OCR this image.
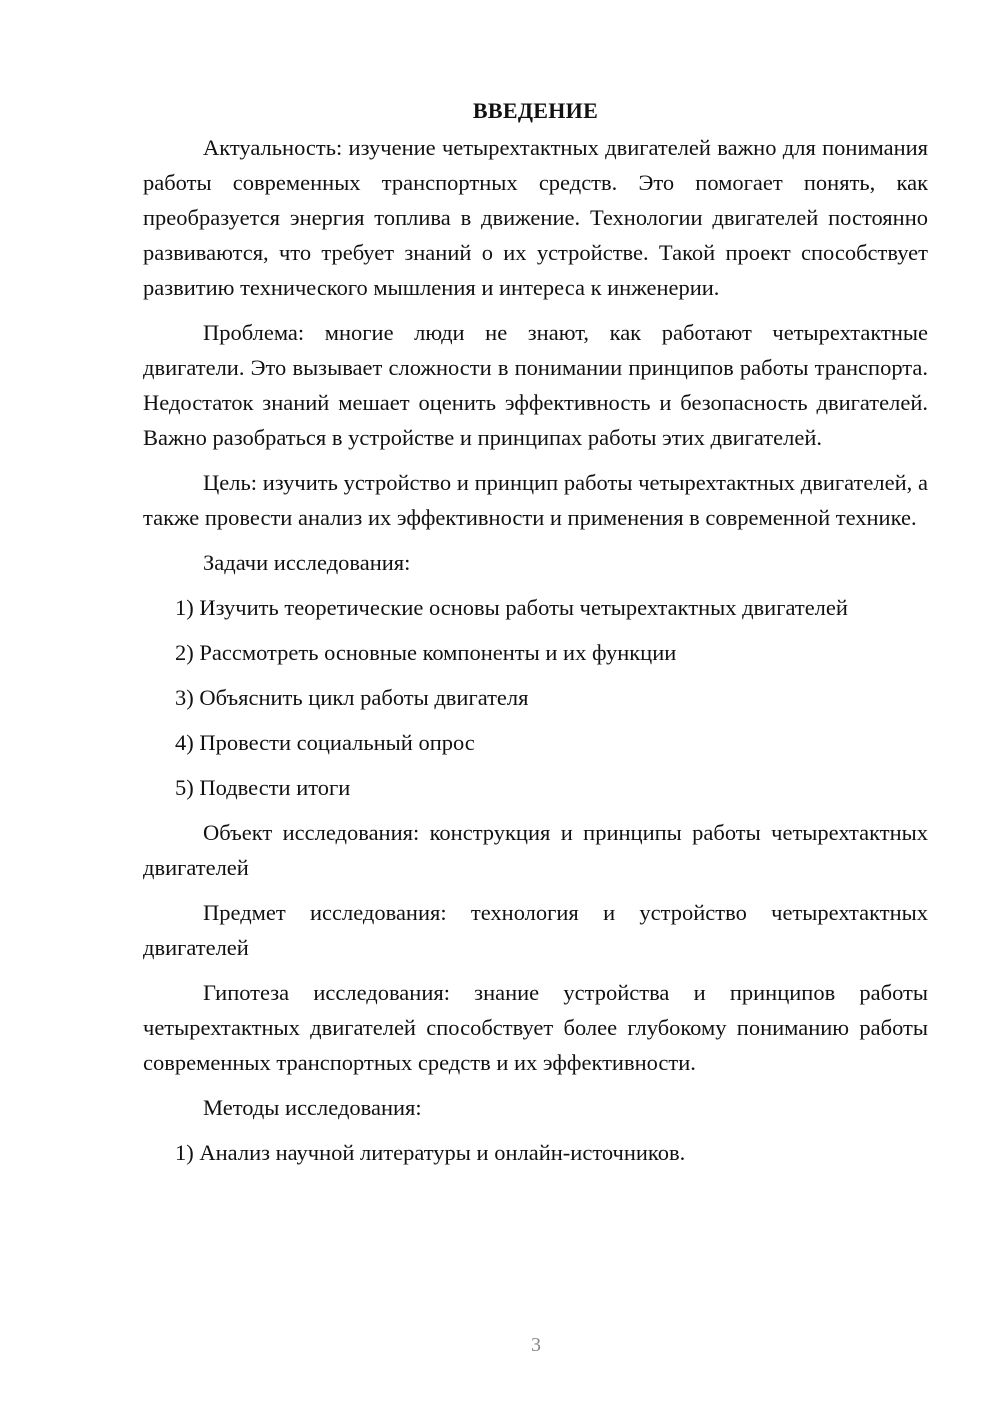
ВВЕДЕНИЕ

Актуальность: изучение четырехтактных двигателей важно для понимания работы современных транспортных средств. Это помогает понять, как преобразуется энергия топлива в движение. Технологии двигателей постоянно развиваются, что требует знаний о их устройстве. Такой проект способствует развитию технического мышления и интереса к инженерии.

Проблема: многие люди не знают, как работают четырехтактные двигатели. Это вызывает сложности в понимании принципов работы транспорта. Недостаток знаний мешает оценить эффективность и безопасность двигателей. Важно разобраться в устройстве и принципах работы этих двигателей.

Цель: изучить устройство и принцип работы четырехтактных двигателей, а также провести анализ их эффективности и применения в современной технике.

Задачи исследования:

1) Изучить теоретические основы работы четырехтактных двигателей
2) Рассмотреть основные компоненты и их функции
3) Объяснить цикл работы двигателя
4) Провести социальный опрос
5) Подвести итоги

Объект исследования: конструкция и принципы работы четырехтактных двигателей

Предмет исследования: технология и устройство четырехтактных двигателей

Гипотеза исследования: знание устройства и принципов работы четырехтактных двигателей способствует более глубокому пониманию работы современных транспортных средств и их эффективности.

Методы исследования:

1) Анализ научной литературы и онлайн-источников.
3
